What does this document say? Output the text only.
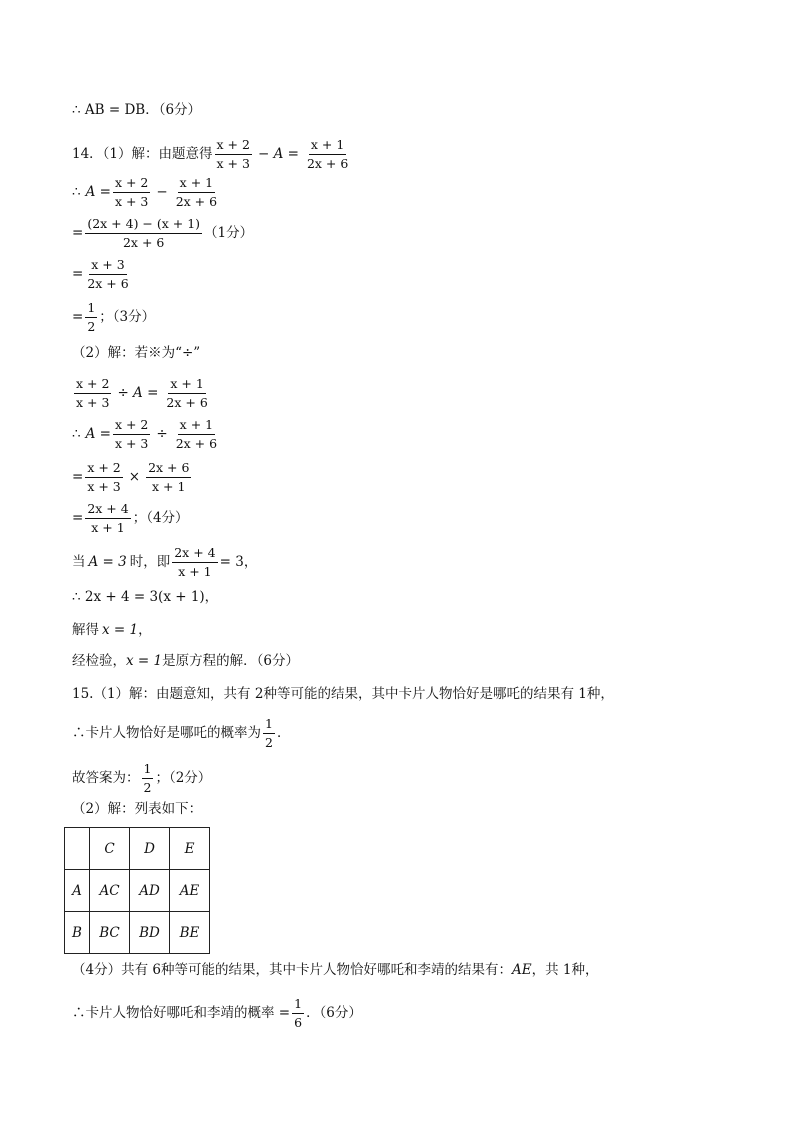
∴ AB = DB．（6分）
14．（1）解：由题意得 $\frac{x + 2}{x + 3} - A = \frac{x + 1}{2x + 6}$
∴ $A = \frac{x + 2}{x + 3} - \frac{x + 1}{2x + 6}$
= $\frac{(2x + 4) - (x + 1)}{2x + 6} (1$分）
= $\frac{x + 3}{2x + 6}$
= $\frac{1}{2}$ ；（3分）
（2）解：若※为“÷”
$\frac{x + 2}{x + 3} \div A = \frac{x + 1}{2x + 6}$
∴ $A = \frac{x + 2}{x + 3} \div \frac{x + 1}{2x + 6}$
= $\frac{x + 2}{x + 3} \times \frac{2x + 6}{x + 1}$
= $\frac{2x + 4}{x + 1}$ ；（4分）
当 A = 3 时，即 $\frac{2x + 4}{x + 1} = 3$，
∴ 2x + 4 = 3(x + 1)，
解得 x = 1 ，
经检验， x = 1 是原方程的解．（6分）
15.（1）解：由题意知，共有 2种等可能的结果，其中卡片人物恰好是哪吒的结果有 1种，
∴卡片人物恰好是哪吒的概率为 $\frac{1}{2}$ ．
故答案为： $\frac{1}{2}$ ；（2分）
（2）解：列表如下：
	C	D	E
A	AC	AD	AE
B	BC	BD	BE
（4分）共有 6种等可能的结果，其中卡片人物恰好哪吒和李靖的结果有： AE ，共 1种，
∴卡片人物恰好哪吒和李靖的概率 = $\frac{1}{6}$ ．（6分）
